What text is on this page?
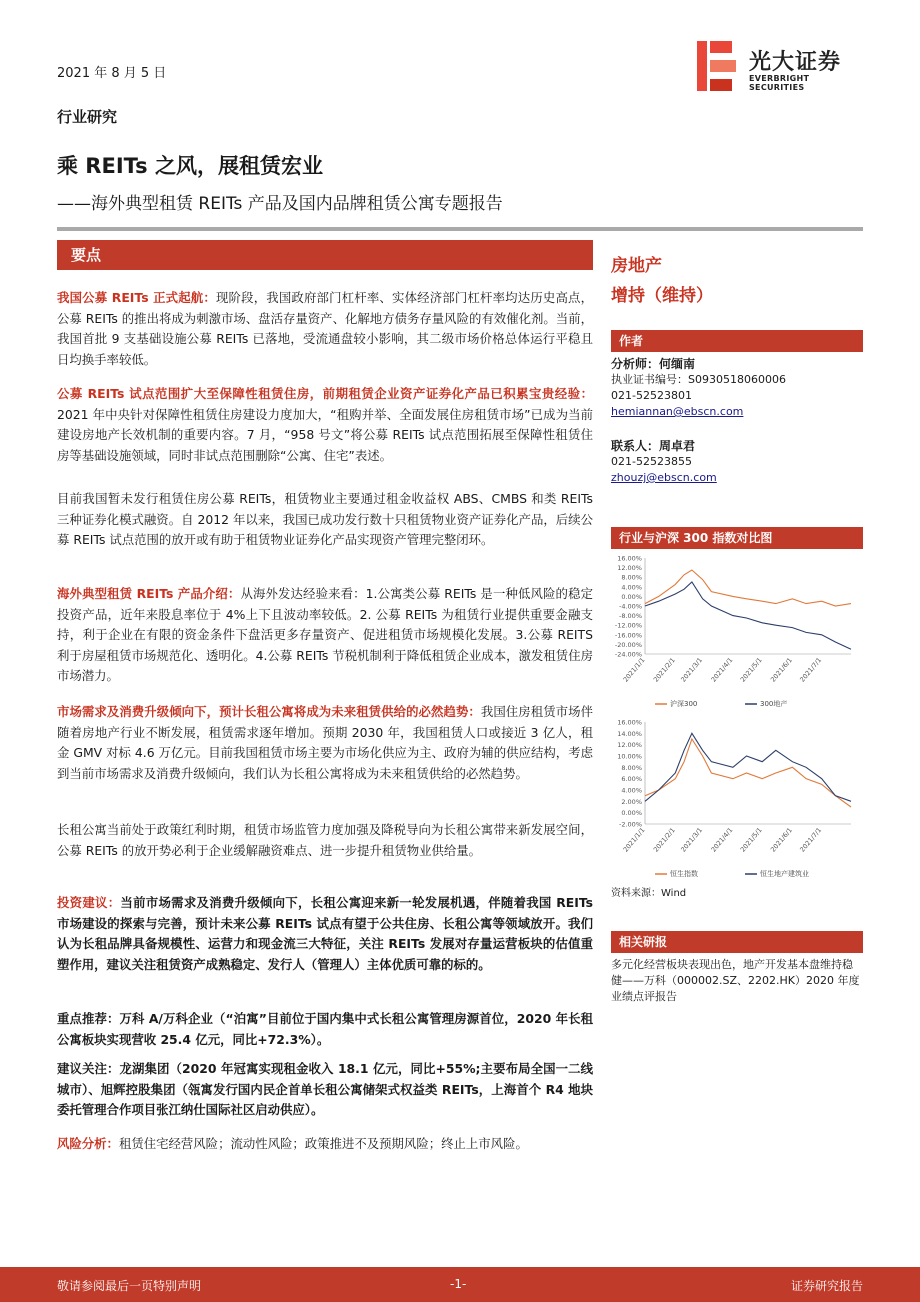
2021 年 8 月 5 日	光大证券
EVERBRIGHT SECURITIES
行业研究
乘 REITs 之风，展租赁宏业
——海外典型租赁 REITs 产品及国内品牌租赁公寓专题报告
要点

我国公募 REITs 正式起航：现阶段，我国政府部门杠杆率、实体经济部门杠杆率均达历史高点，公募 REITs 的推出将成为刺激市场、盘活存量资产、化解地方债务存量风险的有效催化剂。当前，我国首批 9 支基础设施公募 REITs 已落地，受流通盘较小影响，其二级市场价格总体运行平稳且日均换手率较低。

公募 REITs 试点范围扩大至保障性租赁住房，前期租赁企业资产证券化产品已积累宝贵经验：2021 年中央针对保障性租赁住房建设力度加大，“租购并举、全面发展住房租赁市场”已成为当前建设房地产长效机制的重要内容。7 月，“958 号文”将公募 REITs 试点范围拓展至保障性租赁住房等基础设施领域，同时非试点范围删除“公寓、住宅”表述。

目前我国暂未发行租赁住房公募 REITs，租赁物业主要通过租金收益权 ABS、CMBS 和类 REITs 三种证券化模式融资。自 2012 年以来，我国已成功发行数十只租赁物业资产证券化产品，后续公募 REITs 试点范围的放开或有助于租赁物业证券化产品实现资产管理完整闭环。

海外典型租赁 REITs 产品介绍：从海外发达经验来看：1.公寓类公募 REITs 是一种低风险的稳定投资产品，近年来股息率位于 4%上下且波动率较低。2. 公募 REITs 为租赁行业提供重要金融支持，利于企业在有限的资金条件下盘活更多存量资产、促进租赁市场规模化发展。3.公募 REITS 利于房屋租赁市场规范化、透明化。4.公募 REITs 节税机制利于降低租赁企业成本，激发租赁住房市场潜力。

市场需求及消费升级倾向下，预计长租公寓将成为未来租赁供给的必然趋势：我国住房租赁市场伴随着房地产行业不断发展，租赁需求逐年增加。预期 2030 年，我国租赁人口或接近 3 亿人，租金 GMV 对标 4.6 万亿元。目前我国租赁市场主要为市场化供应为主、政府为辅的供应结构，考虑到当前市场需求及消费升级倾向，我们认为长租公寓将成为未来租赁供给的必然趋势。

长租公寓当前处于政策红利时期，租赁市场监管力度加强及降税导向为长租公寓带来新发展空间，公募 REITs 的放开势必利于企业缓解融资难点、进一步提升租赁物业供给量。

投资建议：当前市场需求及消费升级倾向下，长租公寓迎来新一轮发展机遇，伴随着我国 REITs 市场建设的探索与完善，预计未来公募 REITs 试点有望于公共住房、长租公寓等领域放开。我们认为长租品牌具备规模性、运营力和现金流三大特征，关注 REITs 发展对存量运营板块的估值重塑作用，建议关注租赁资产成熟稳定、发行人（管理人）主体优质可靠的标的。

重点推荐：万科 A/万科企业（“泊寓”目前位于国内集中式长租公寓管理房源首位，2020 年长租公寓板块实现营收 25.4 亿元，同比+72.3%）。

建议关注：龙湖集团（2020 年冠寓实现租金收入 18.1 亿元，同比+55%;主要布局全国一二线城市）、旭辉控股集团（瓴寓发行国内民企首单长租公寓储架式权益类 REITs，上海首个 R4 地块委托管理合作项目张江纳仕国际社区启动供应）。

风险分析：租赁住宅经营风险；流动性风险；政策推进不及预期风险；终止上市风险。

房地产
增持（维持）
作者
分析师：何缅南
执业证书编号：S0930518060006
021-52523801
hemiannan@ebscn.com
联系人：周卓君
021-52523855
zhouzj@ebscn.com
行业与沪深 300 指数对比图
16.00%
12.00%
8.00%
4.00%
0.00%
-4.00%
-8.00%
-12.00%
-16.00%
-20.00%
-24.00%
2021/1/1 2021/2/1 2021/3/1 2021/4/1 2021/5/1 2021/6/1 2021/7/1
沪深300	300地产
16.00%
14.00%
12.00%
10.00%
8.00%
6.00%
4.00%
2.00%
0.00%
-2.00%
2021/1/1 2021/2/1 2021/3/1 2021/4/1 2021/5/1 2021/6/1 2021/7/1
恒生指数	恒生地产建筑业
资料来源：Wind
相关研报
多元化经营板块表现出色，地产开发基本盘维持稳健——万科（000002.SZ、2202.HK）2020 年度业绩点评报告
敬请参阅最后一页特别声明	-1-	证券研究报告
